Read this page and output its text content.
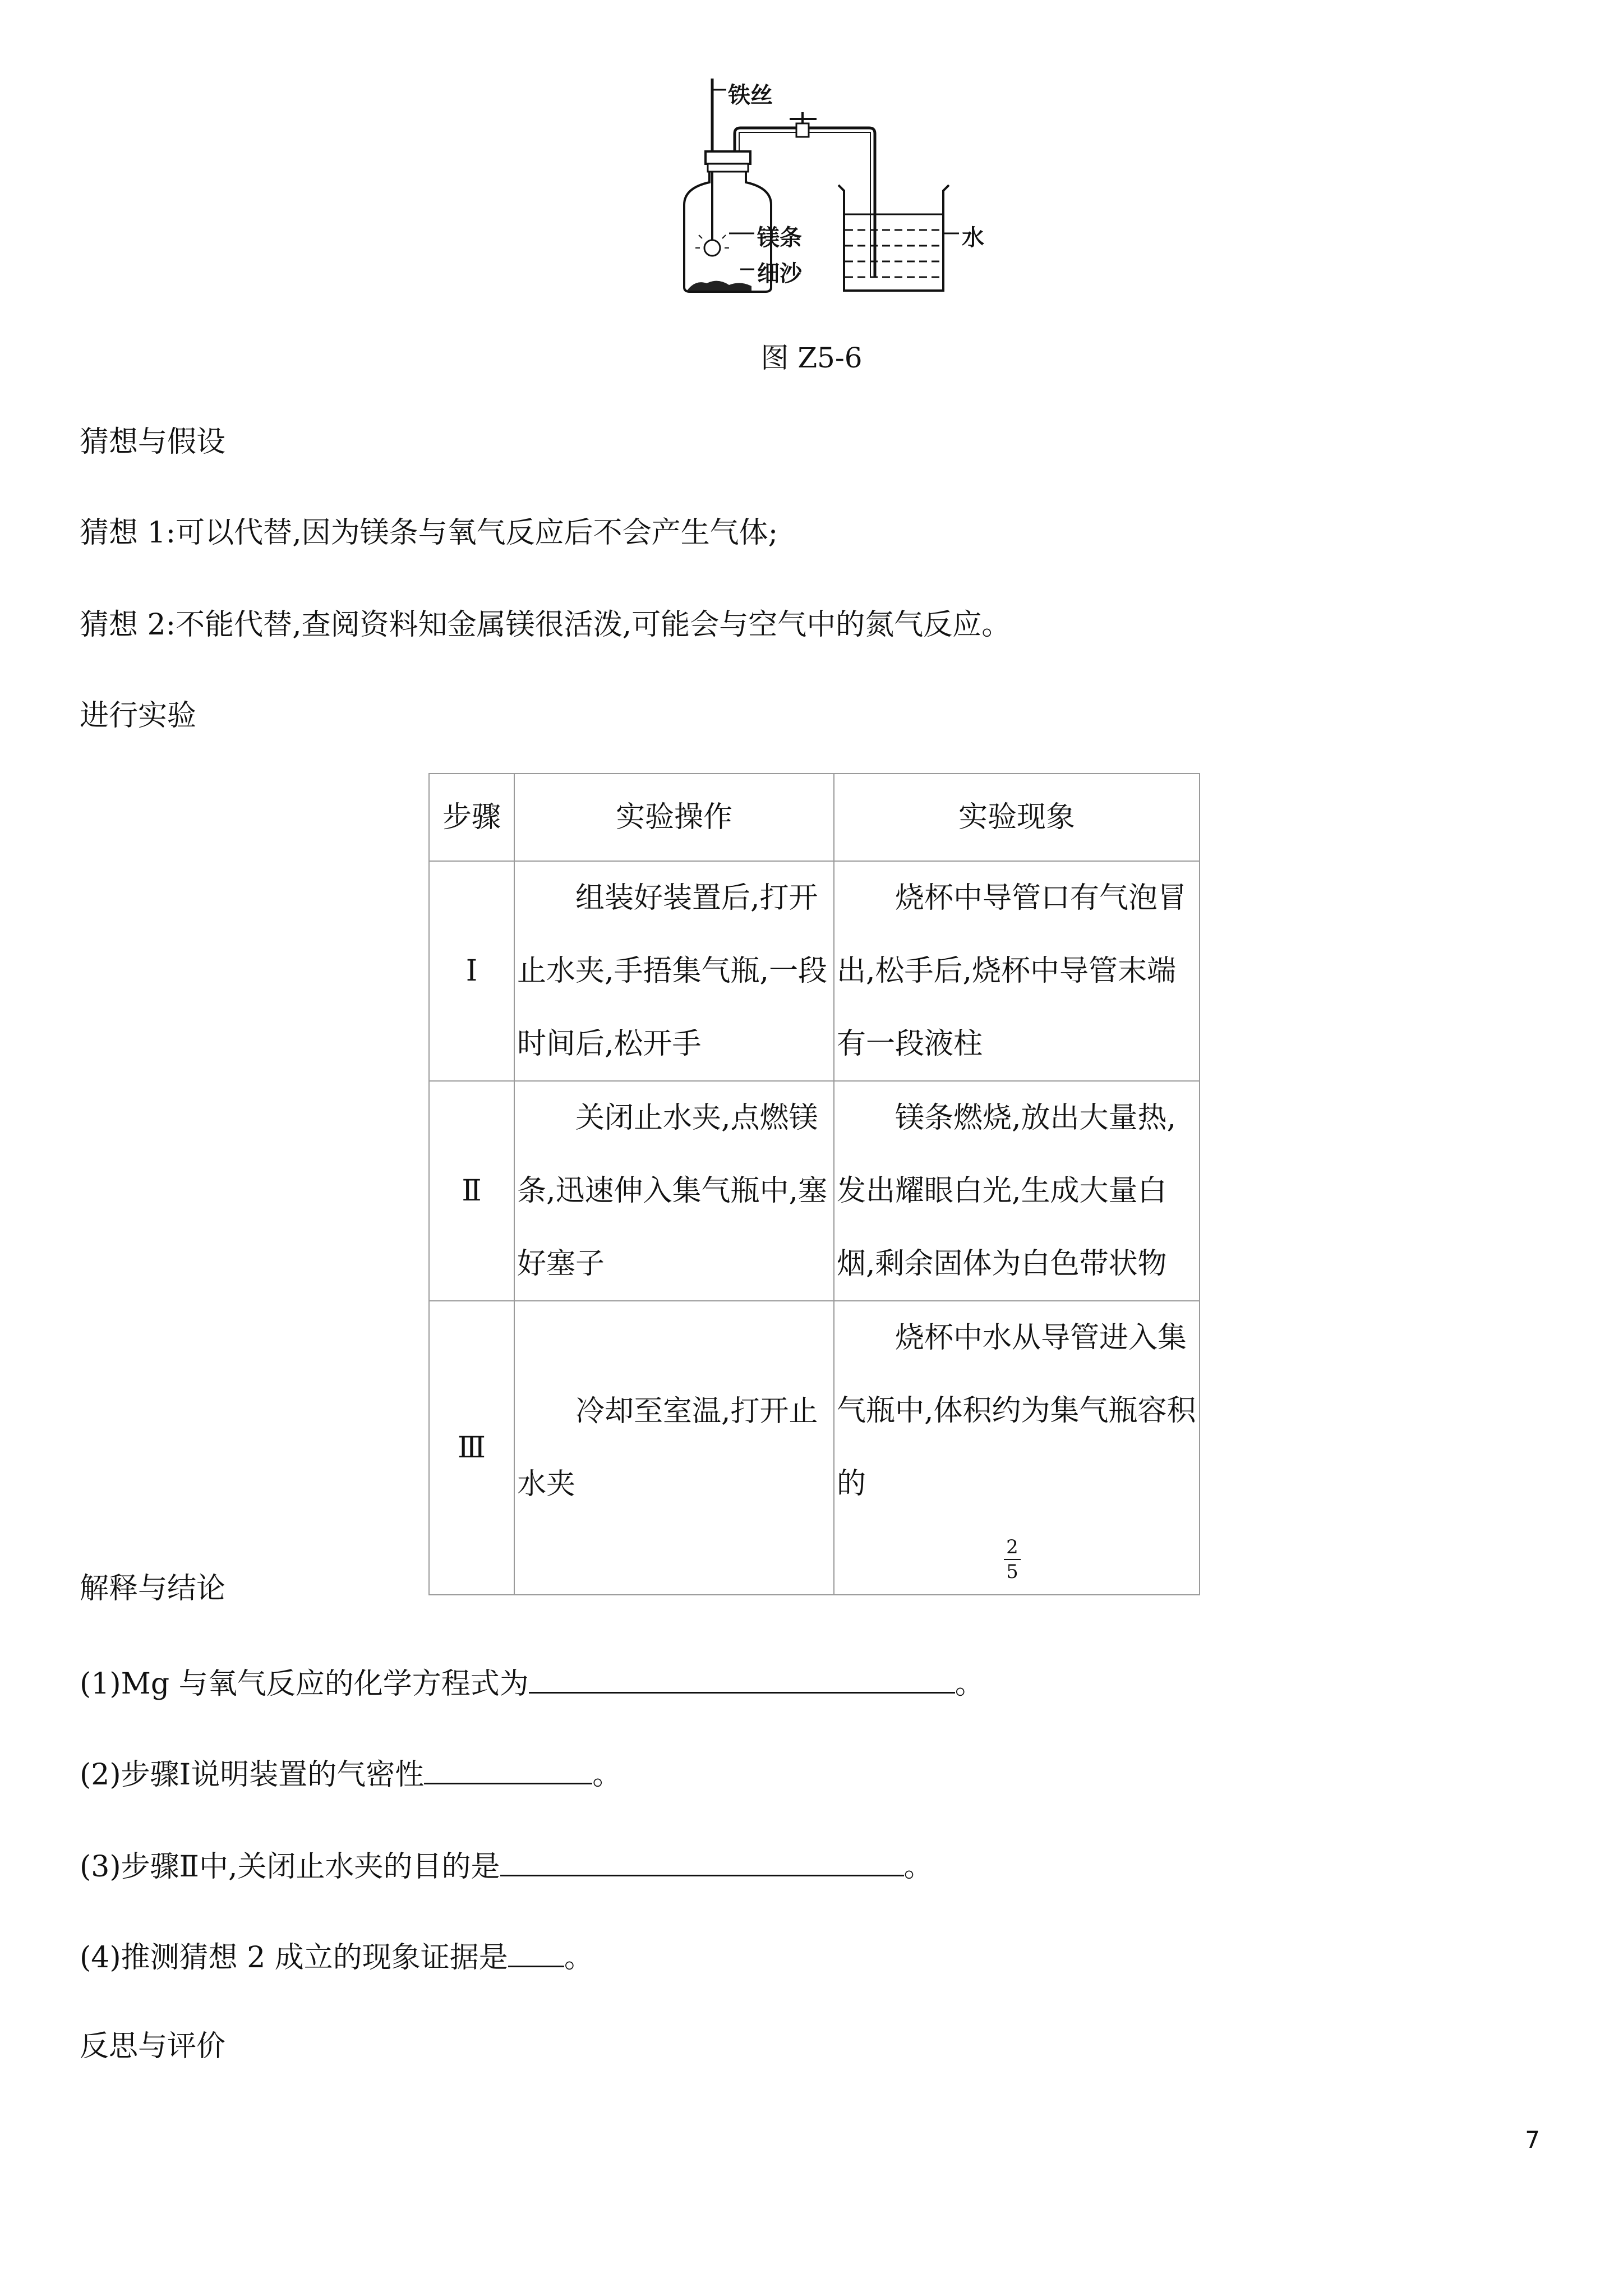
铁丝
镁条
细沙
水
图 Z5-6
猜想与假设
猜想 1:可以代替,因为镁条与氧气反应后不会产生气体;
猜想 2:不能代替,查阅资料知金属镁很活泼,可能会与空气中的氮气反应。
进行实验
步骤	实验操作	实验现象
Ⅰ	组装好装置后,打开止水夹,手捂集气瓶,一段时间后,松开手	烧杯中导管口有气泡冒出,松手后,烧杯中导管末端有一段液柱

Ⅱ	关闭止水夹,点燃镁条,迅速伸入集气瓶中,塞好塞子	镁条燃烧,放出大量热,发出耀眼白光,生成大量白烟,剩余固体为白色带状物

Ⅲ	冷却至室温,打开止水夹	烧杯中水从导管进入集气瓶中,体积约为集气瓶容积的
$\frac{2}{5}$
解释与结论
(1)Mg 与氧气反应的化学方程式为	。
(2)步骤Ⅰ说明装置的气密性	。
(3)步骤Ⅱ中,关闭止水夹的目的是	。
(4)推测猜想 2 成立的现象证据是 。
反思与评价
7
